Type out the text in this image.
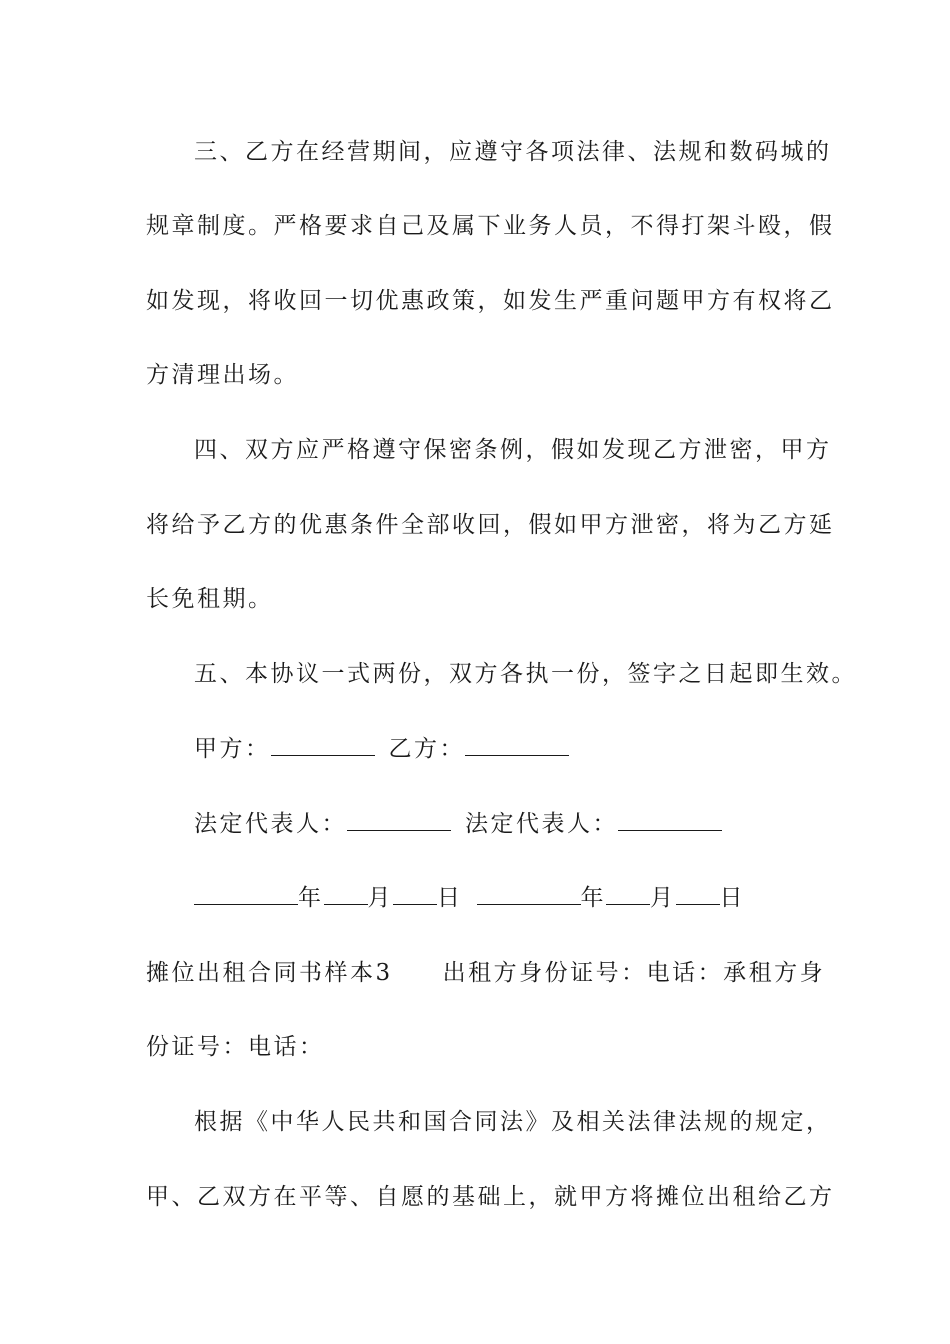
三、乙方在经营期间，应遵守各项法律、法规和数码城的
规章制度。严格要求自己及属下业务人员，不得打架斗殴，假
如发现，将收回一切优惠政策，如发生严重问题甲方有权将乙
方清理出场。
四、双方应严格遵守保密条例，假如发现乙方泄密，甲方
将给予乙方的优惠条件全部收回，假如甲方泄密，将为乙方延
长免租期。
五、本协议一式两份，双方各执一份，签字之日起即生效。
甲方：	乙方：
法定代表人：	法定代表人：
年 月 日	年 月 日
摊位出租合同书样本3 出租方身份证号：电话：承租方身
份证号：电话：
根据《中华人民共和国合同法》及相关法律法规的规定，
甲、乙双方在平等、自愿的基础上，就甲方将摊位出租给乙方
